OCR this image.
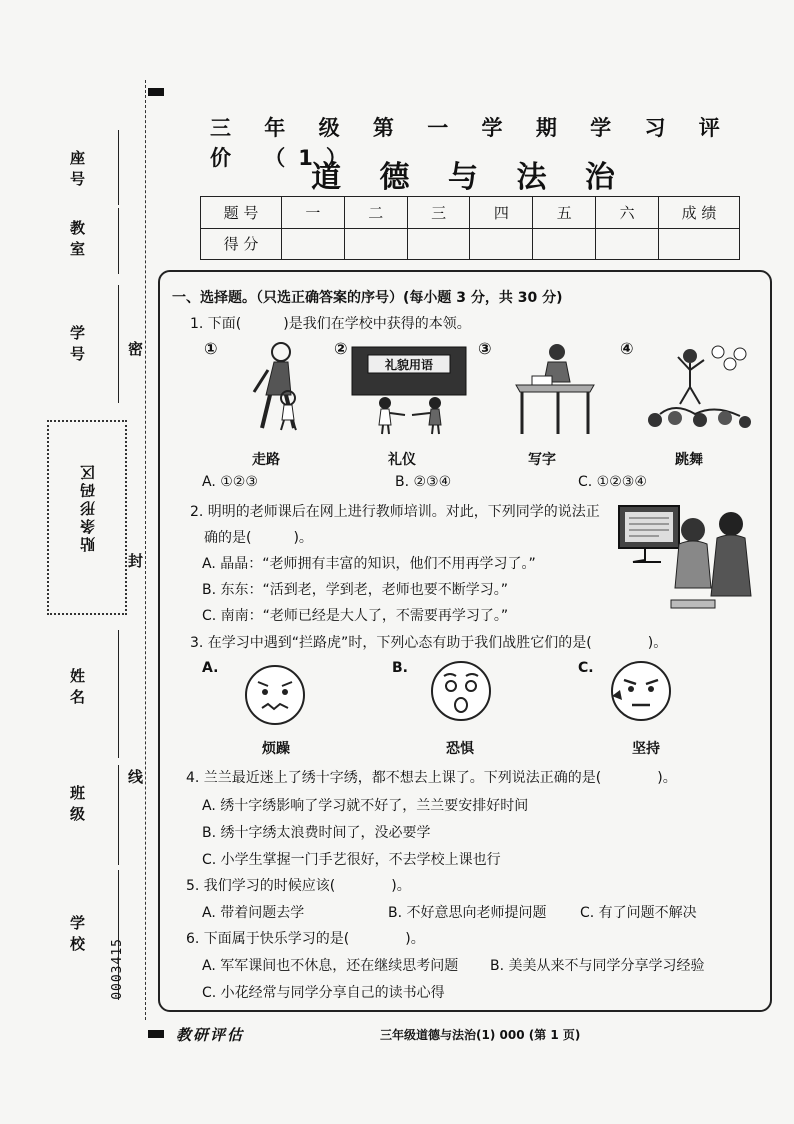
座号
教室
学号
贴条形码区
姓名
班级
学校
密
封
线
0003415
三 年 级 第 一 学 期 学 习 评 价 （1）
道 德 与 法 治
题 号	一	二	三	四	五	六	成 绩
得 分							
一、选择题。（只选正确答案的序号）(每小题 3 分，共 30 分)
1. 下面(　　　)是我们在学校中获得的本领。
①	②	③	④
礼貌用语
走路	礼仪	写字	跳舞
A. ①②③	B. ②③④	C. ①②③④
2. 明明的老师课后在网上进行教师培训。对此，下列同学的说法正
确的是(　　　)。
A. 晶晶：“老师拥有丰富的知识，他们不用再学习了。”
B. 东东：“活到老，学到老，老师也要不断学习。”
C. 南南：“老师已经是大人了，不需要再学习了。”
3. 在学习中遇到“拦路虎”时，下列心态有助于我们战胜它们的是(　　　　)。
A.	B.	C.
烦躁	恐惧	坚持
4. 兰兰最近迷上了绣十字绣，都不想去上课了。下列说法正确的是(　　　　)。
A. 绣十字绣影响了学习就不好了，兰兰要安排好时间
B. 绣十字绣太浪费时间了，没必要学
C. 小学生掌握一门手艺很好，不去学校上课也行
5. 我们学习的时候应该(　　　　)。
A. 带着问题去学	B. 不好意思向老师提问题 C. 有了问题不解决
6. 下面属于快乐学习的是(　　　　)。
A. 军军课间也不休息，还在继续思考问题 B. 美美从来不与同学分享学习经验
C. 小花经常与同学分享自己的读书心得
教研评估	三年级道德与法治(1) 000 (第 1 页)
